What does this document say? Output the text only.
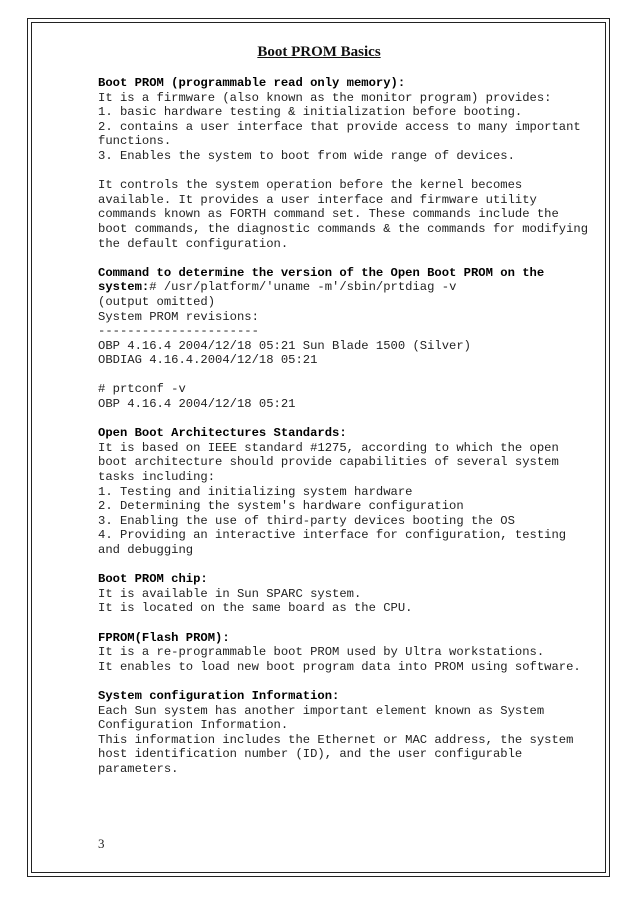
Boot PROM Basics
Boot PROM (programmable read only memory):
It is a firmware (also known as the monitor program) provides:
1. basic hardware testing & initialization before booting.
2. contains a user interface that provide access to many important
functions.
3. Enables the system to boot from wide range of devices.
It controls the system operation before the kernel becomes
available. It provides a user interface and firmware utility
commands known as FORTH command set. These commands include the
boot commands, the diagnostic commands & the commands for modifying
the default configuration.
Command to determine the version of the Open Boot PROM on the
system:# /usr/platform/'uname -m'/sbin/prtdiag -v
(output omitted)
System PROM revisions:
----------------------
OBP 4.16.4 2004/12/18 05:21 Sun Blade 1500 (Silver)
OBDIAG 4.16.4.2004/12/18 05:21
# prtconf -v
OBP 4.16.4 2004/12/18 05:21
Open Boot Architectures Standards:
It is based on IEEE standard #1275, according to which the open
boot architecture should provide capabilities of several system
tasks including:
1. Testing and initializing system hardware
2. Determining the system's hardware configuration
3. Enabling the use of third-party devices booting the OS
4. Providing an interactive interface for configuration, testing
and debugging
Boot PROM chip:
It is available in Sun SPARC system.
It is located on the same board as the CPU.
FPROM(Flash PROM):
It is a re-programmable boot PROM used by Ultra workstations.
It enables to load new boot program data into PROM using software.
System configuration Information:
Each Sun system has another important element known as System
Configuration Information.
This information includes the Ethernet or MAC address, the system
host identification number (ID), and the user configurable
parameters.
3
